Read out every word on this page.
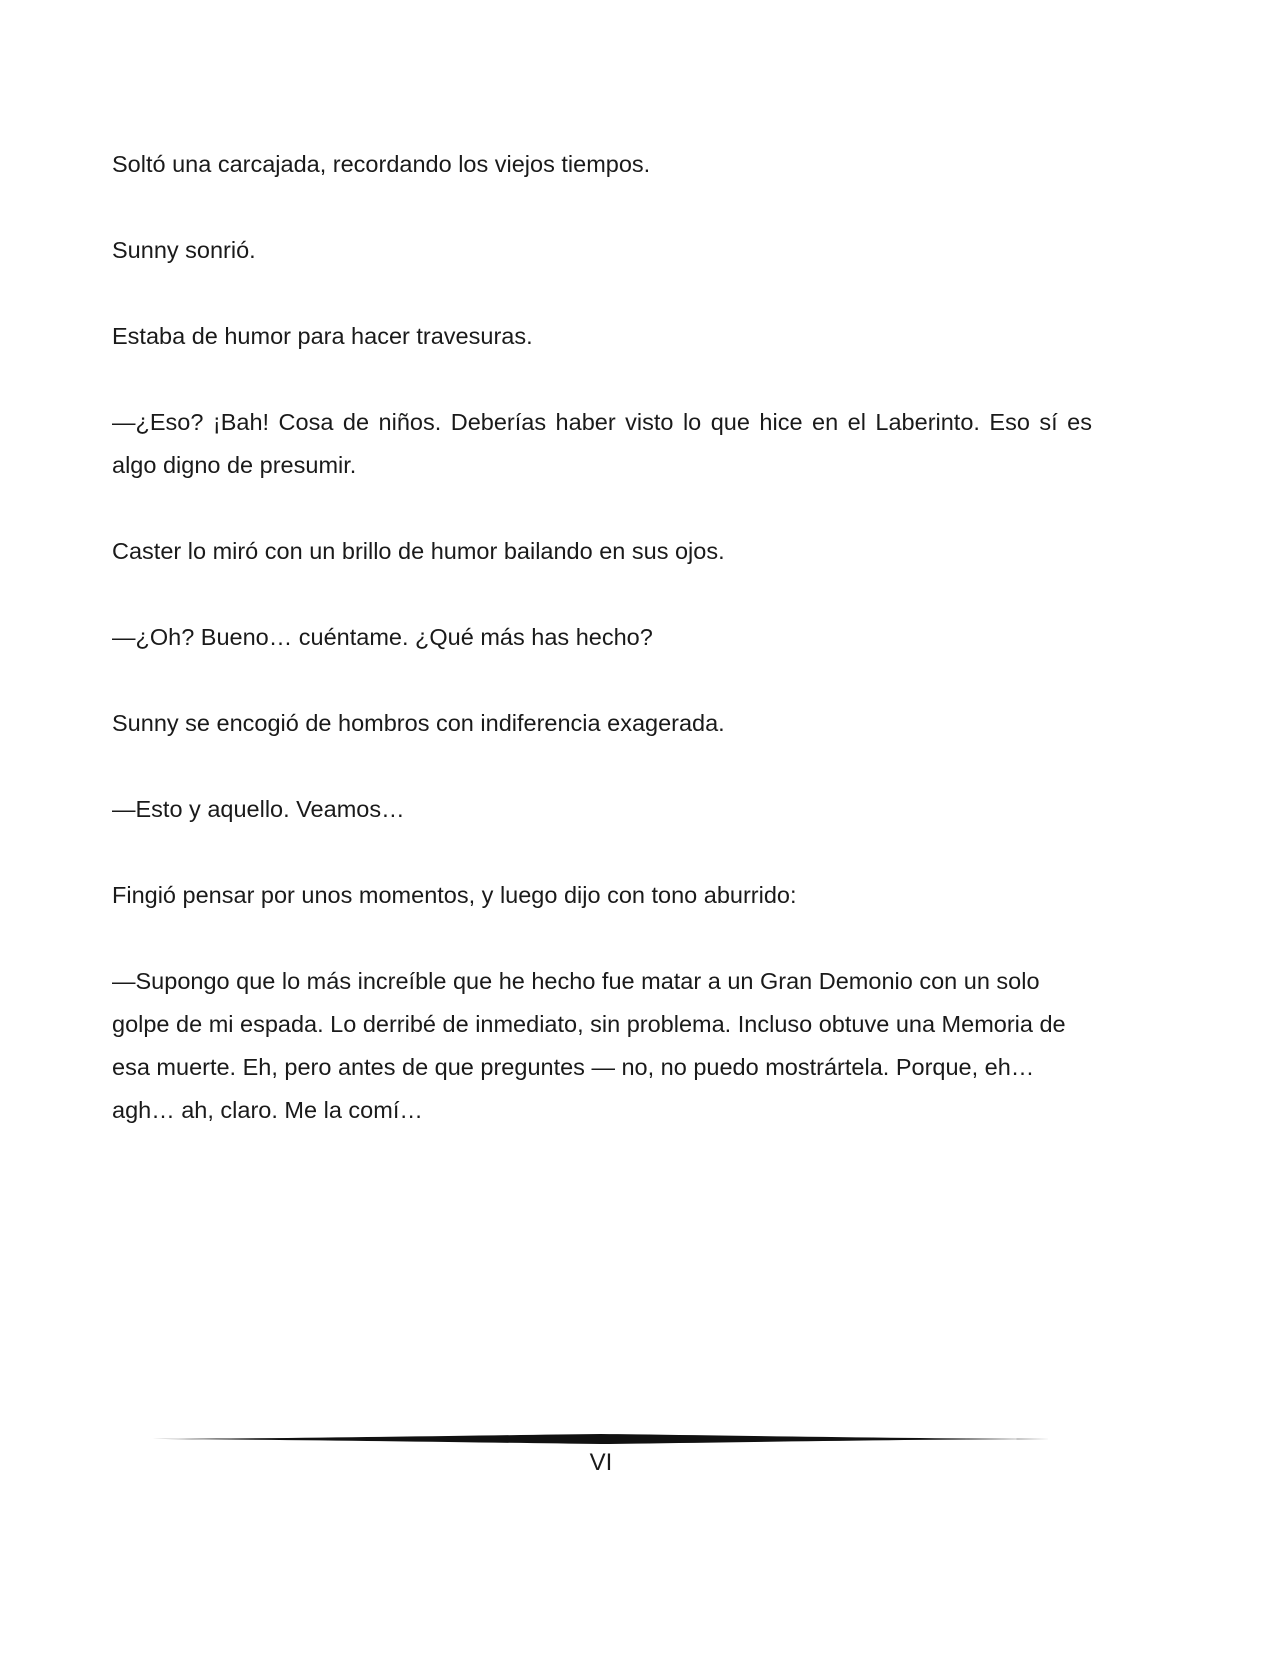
Soltó una carcajada, recordando los viejos tiempos.

Sunny sonrió.

Estaba de humor para hacer travesuras.

—¿Eso? ¡Bah! Cosa de niños. Deberías haber visto lo que hice en el Laberinto. Eso sí es algo digno de presumir.

Caster lo miró con un brillo de humor bailando en sus ojos.

—¿Oh? Bueno… cuéntame. ¿Qué más has hecho?

Sunny se encogió de hombros con indiferencia exagerada.

—Esto y aquello. Veamos…

Fingió pensar por unos momentos, y luego dijo con tono aburrido:

—Supongo que lo más increíble que he hecho fue matar a un Gran Demonio con un solo golpe de mi espada. Lo derribé de inmediato, sin problema. Incluso obtuve una Memoria de esa muerte. Eh, pero antes de que preguntes — no, no puedo mostrártela. Porque, eh… agh… ah, claro. Me la comí…

VI
